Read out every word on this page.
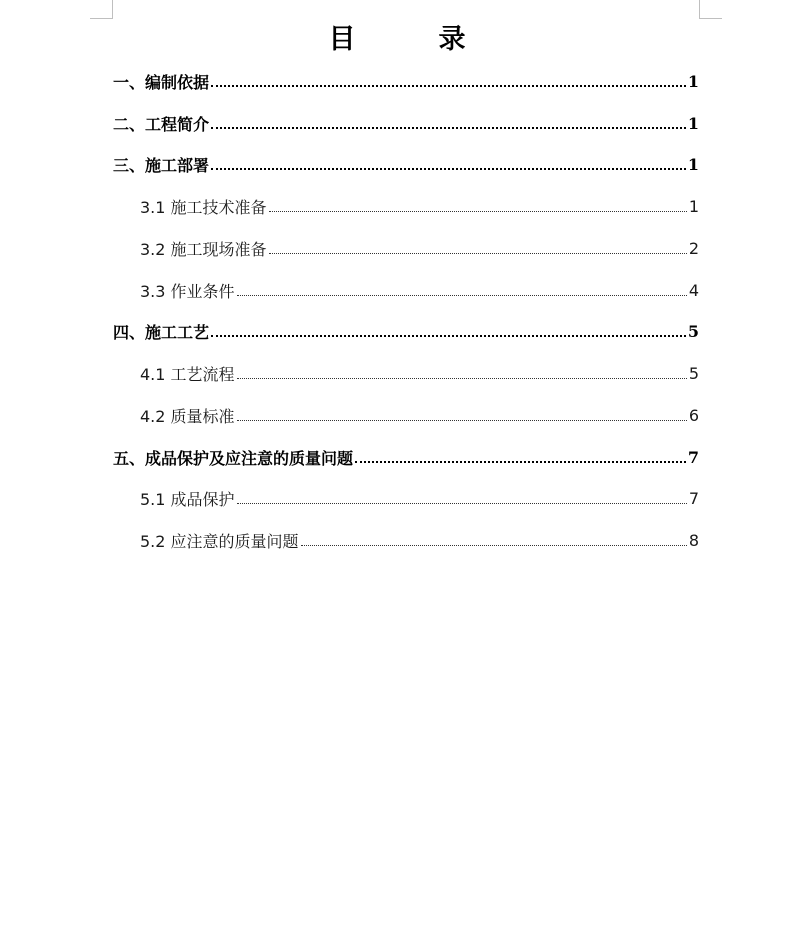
目　录
一、编制依据	1
二、工程简介	1
三、施工部署	1
3.1 施工技术准备	1
3.2 施工现场准备	2
3.3 作业条件	4
四、施工工艺	5
4.1 工艺流程	5
4.2 质量标准	6
五、成品保护及应注意的质量问题	7
5.1 成品保护	7
5.2 应注意的质量问题	8
